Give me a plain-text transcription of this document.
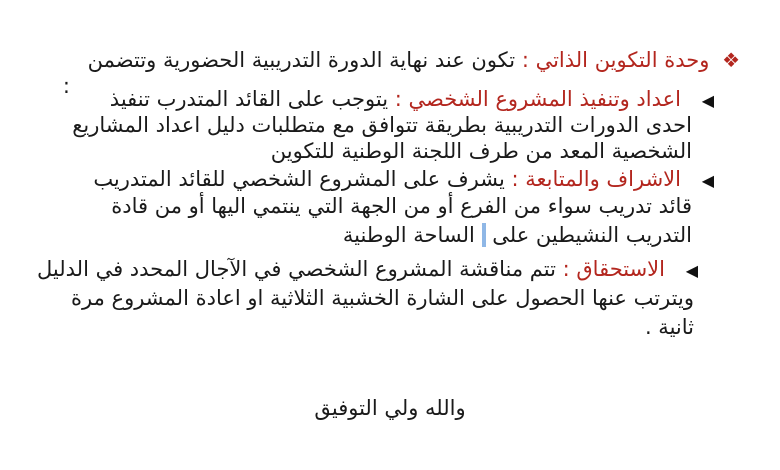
❖ وحدة التكوين الذاتي : تكون عند نهاية الدورة التدريبية الحضورية وتتضمن
:
◀ اعداد وتنفيذ المشروع الشخصي : يتوجب على القائد المتدرب تنفيذ
احدى الدورات التدريبية بطريقة تتوافق مع متطلبات دليل اعداد المشاريع
الشخصية المعد من طرف اللجنة الوطنية للتكوين
◀ الاشراف والمتابعة : يشرف على المشروع الشخصي للقائد المتدريب
قائد تدريب سواء من الفرع أو من الجهة التي ينتمي اليها أو من قادة
التدريب النشيطين على  الساحة الوطنية
◀ الاستحقاق : تتم مناقشة المشروع الشخصي في الآجال المحدد في الدليل
ويترتب عنها الحصول على الشارة الخشبية الثلاثية او اعادة المشروع مرة
ثانية .
والله ولي التوفيق
